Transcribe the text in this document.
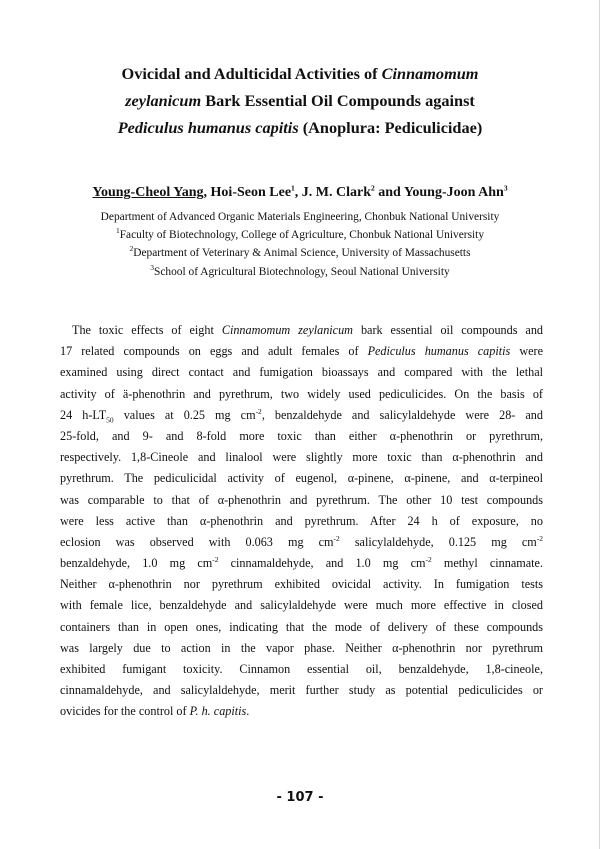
Ovicidal and Adulticidal Activities of Cinnamomum
zeylanicum Bark Essential Oil Compounds against
Pediculus humanus capitis (Anoplura: Pediculicidae)
Young-Cheol Yang, Hoi-Seon Lee$^1$, J. M. Clark$^2$ and Young-Joon Ahn$^3$
Department of Advanced Organic Materials Engineering, Chonbuk National University
$^1$Faculty of Biotechnology, College of Agriculture, Chonbuk National University
$^2$Department of Veterinary & Animal Science, University of Massachusetts
$^3$School of Agricultural Biotechnology, Seoul National University
The toxic effects of eight Cinnamomum zeylanicum bark essential oil compounds and
17 related compounds on eggs and adult females of Pediculus humanus capitis were
examined using direct contact and fumigation bioassays and compared with the lethal
activity of ä-phenothrin and pyrethrum, two widely used pediculicides. On the basis of
24 $h-LT_{50}$ values at 0.25 mg $cm^{-2}$, benzaldehyde and salicylaldehyde were 28- and
25-fold, and 9- and 8-fold more toxic than either α-phenothrin or pyrethrum,
respectively. 1,8-Cineole and linalool were slightly more toxic than α-phenothrin and
pyrethrum. The pediculicidal activity of eugenol, α-pinene, α-pinene, and α-terpineol
was comparable to that of α-phenothrin and pyrethrum. The other 10 test compounds
were less active than α-phenothrin and pyrethrum. After 24 h of exposure, no
eclosion was observed with 0.063 mg $cm^{-2}$ salicylaldehyde, 0.125 mg $cm^{-2}$
benzaldehyde, 1.0 mg $cm^{-2}$ cinnamaldehyde, and 1.0 mg $cm^{-2}$ methyl cinnamate.
Neither α-phenothrin nor pyrethrum exhibited ovicidal activity. In fumigation tests
with female lice, benzaldehyde and salicylaldehyde were much more effective in closed
containers than in open ones, indicating that the mode of delivery of these compounds
was largely due to action in the vapor phase. Neither α-phenothrin nor pyrethrum
exhibited fumigant toxicity. Cinnamon essential oil, benzaldehyde, 1,8-cineole,
cinnamaldehyde, and salicylaldehyde, merit further study as potential pediculicides or
ovicides for the control of P. h. capitis.
- 107 -
